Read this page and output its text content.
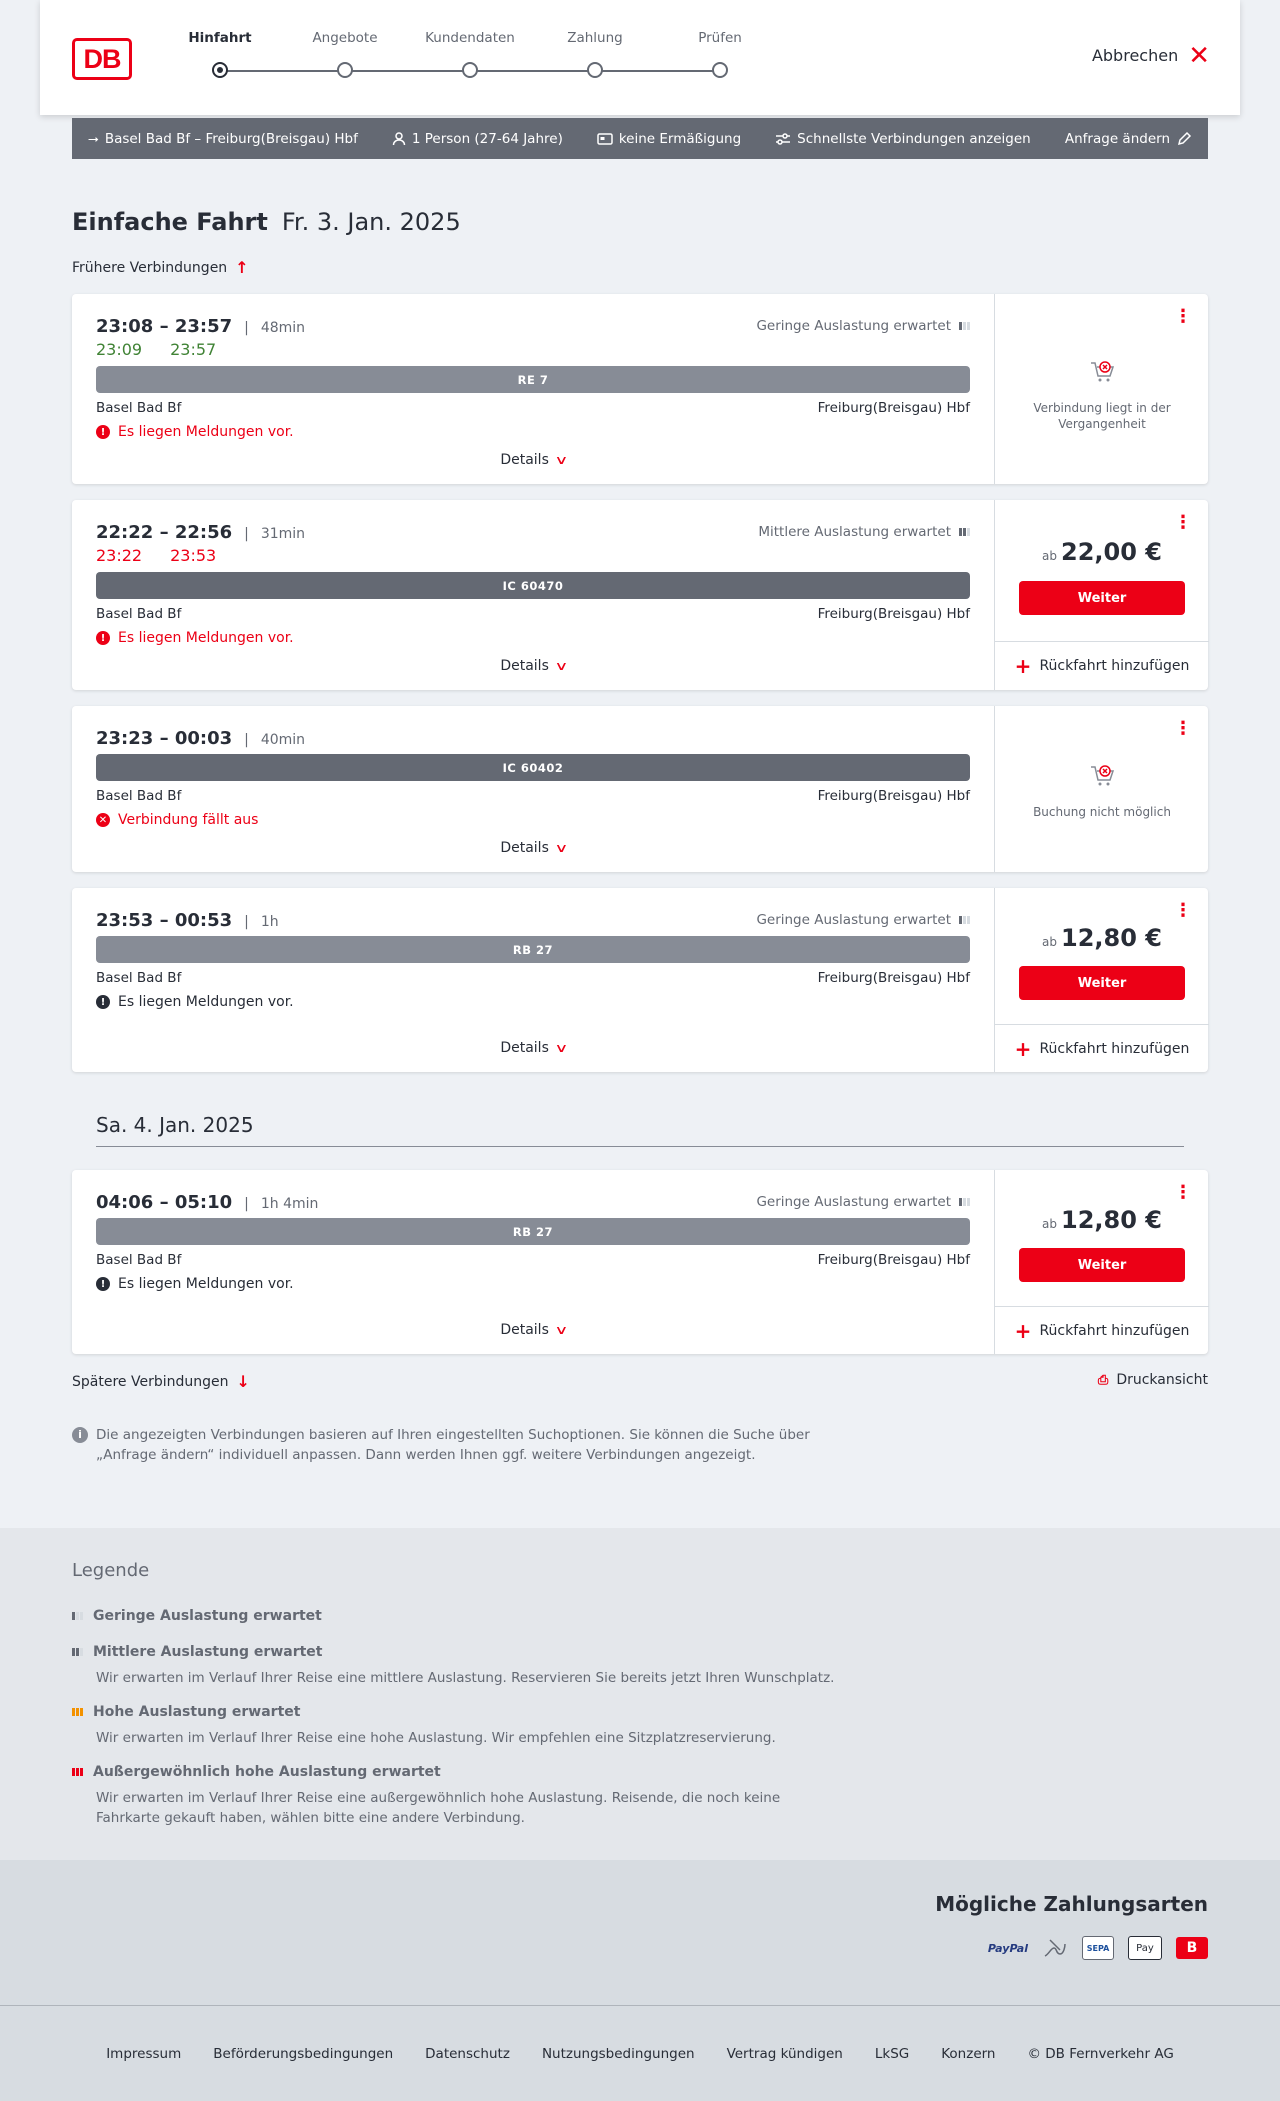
DB
Hinfahrt	Angebote	Kundendaten	Zahlung	Prüfen
Abbrechen ✕
⭢ Basel Bad Bf – Freiburg(Breisgau) Hbf	1 Person (27-64 Jahre)	keine Ermäßigung	Schnellste Verbindungen anzeigen	Anfrage ändern
Einfache Fahrt Fr. 3. Jan. 2025
Frühere Verbindungen ↑
23:08 – 23:57 | 48min
23:09 23:57
Geringe Auslastung erwartet
RE 7
Basel Bad Bf	Freiburg(Breisgau) Hbf
! Es liegen Meldungen vor.
Details ∨
⋮
Verbindung liegt in der Vergangenheit
22:22 – 22:56 | 31min
23:22 23:53
Mittlere Auslastung erwartet
IC 60470
Basel Bad Bf	Freiburg(Breisgau) Hbf
! Es liegen Meldungen vor.
Details ∨
⋮
ab 22,00 €
Weiter
+ Rückfahrt hinzufügen
23:23 – 00:03 | 40min
IC 60402
Basel Bad Bf	Freiburg(Breisgau) Hbf
✕ Verbindung fällt aus
Details ∨
⋮
Buchung nicht möglich
23:53 – 00:53 | 1h	Geringe Auslastung erwartet
RB 27
Basel Bad Bf	Freiburg(Breisgau) Hbf
! Es liegen Meldungen vor.
Details ∨
⋮
ab 12,80 €
Weiter
+ Rückfahrt hinzufügen
Sa. 4. Jan. 2025
04:06 – 05:10 | 1h 4min	Geringe Auslastung erwartet
RB 27
Basel Bad Bf	Freiburg(Breisgau) Hbf
! Es liegen Meldungen vor.
Details ∨
⋮
ab 12,80 €
Weiter
+ Rückfahrt hinzufügen
Spätere Verbindungen ↓	⎙ Druckansicht
i	Die angezeigten Verbindungen basieren auf Ihren eingestellten Suchoptionen. Sie können die Suche über „Anfrage ändern“ individuell anpassen. Dann werden Ihnen ggf. weitere Verbindungen angezeigt.
Legende
Geringe Auslastung erwartet
Mittlere Auslastung erwartet

Wir erwarten im Verlauf Ihrer Reise eine mittlere Auslastung. Reservieren Sie bereits jetzt Ihren Wunschplatz.

Hohe Auslastung erwartet

Wir erwarten im Verlauf Ihrer Reise eine hohe Auslastung. Wir empfehlen eine Sitzplatzreservierung.

Außergewöhnlich hohe Auslastung erwartet

Wir erwarten im Verlauf Ihrer Reise eine außergewöhnlich hohe Auslastung. Reisende, die noch keine Fahrkarte gekauft haben, wählen bitte eine andere Verbindung.

Mögliche Zahlungsarten
PayPal	SEPA	Pay	B
Impressum Beförderungsbedingungen Datenschutz Nutzungsbedingungen Vertrag kündigen LkSG Konzern © DB Fernverkehr AG
